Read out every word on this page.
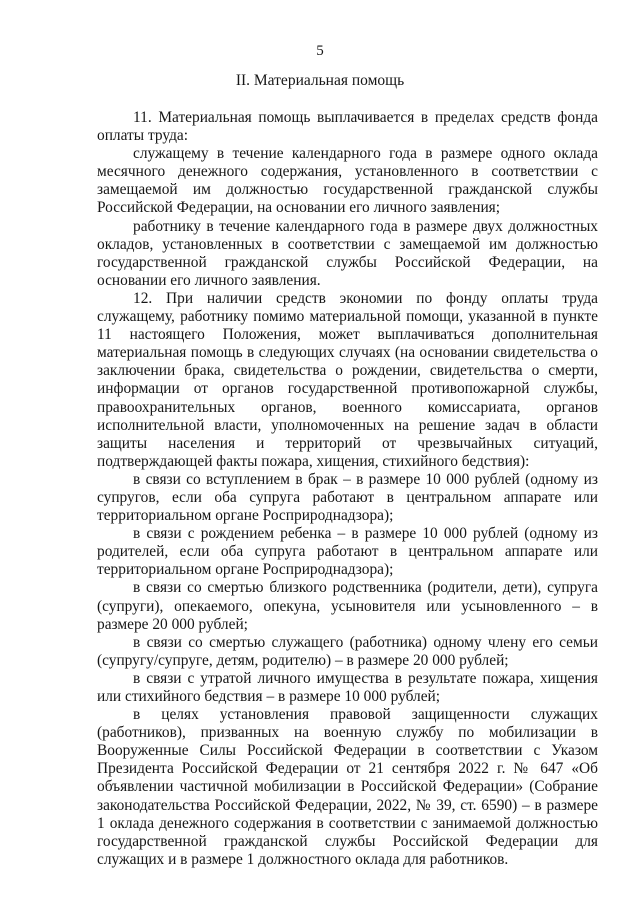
5
II. Материальная помощь

11. Материальная помощь выплачивается в пределах средств фонда оплаты труда:

служащему в течение календарного года в размере одного оклада месячного денежного содержания, установленного в соответствии с замещаемой им должностью государственной гражданской службы Российской Федерации, на основании его личного заявления;

работнику в течение календарного года в размере двух должностных окладов, установленных в соответствии с замещаемой им должностью государственной гражданской службы Российской Федерации, на основании его личного заявления.

12. При наличии средств экономии по фонду оплаты труда служащему, работнику помимо материальной помощи, указанной в пункте 11 настоящего Положения, может выплачиваться дополнительная материальная помощь в следующих случаях (на основании свидетельства о заключении брака, свидетельства о рождении, свидетельства о смерти, информации от органов государственной противопожарной службы, правоохранительных органов, военного комиссариата, органов исполнительной власти, уполномоченных на решение задач в области защиты населения и территорий от чрезвычайных ситуаций, подтверждающей факты пожара, хищения, стихийного бедствия):

в связи со вступлением в брак – в размере 10 000 рублей (одному из супругов, если оба супруга работают в центральном аппарате или территориальном органе Росприроднадзора);

в связи с рождением ребенка – в размере 10 000 рублей (одному из родителей, если оба супруга работают в центральном аппарате или территориальном органе Росприроднадзора);

в связи со смертью близкого родственника (родители, дети), супруга (супруги), опекаемого, опекуна, усыновителя или усыновленного – в размере 20 000 рублей;

в связи со смертью служащего (работника) одному члену его семьи (супругу/супруге, детям, родителю) – в размере 20 000 рублей;

в связи с утратой личного имущества в результате пожара, хищения или стихийного бедствия – в размере 10 000 рублей;

в целях установления правовой защищенности служащих (работников), призванных на военную службу по мобилизации в Вооруженные Силы Российской Федерации в соответствии с Указом Президента Российской Федерации от 21 сентября 2022 г. № 647 «Об объявлении частичной мобилизации в Российской Федерации» (Собрание законодательства Российской Федерации, 2022, № 39, ст. 6590) – в размере 1 оклада денежного содержания в соответствии с занимаемой должностью государственной гражданской службы Российской Федерации для служащих и в размере 1 должностного оклада для работников.
